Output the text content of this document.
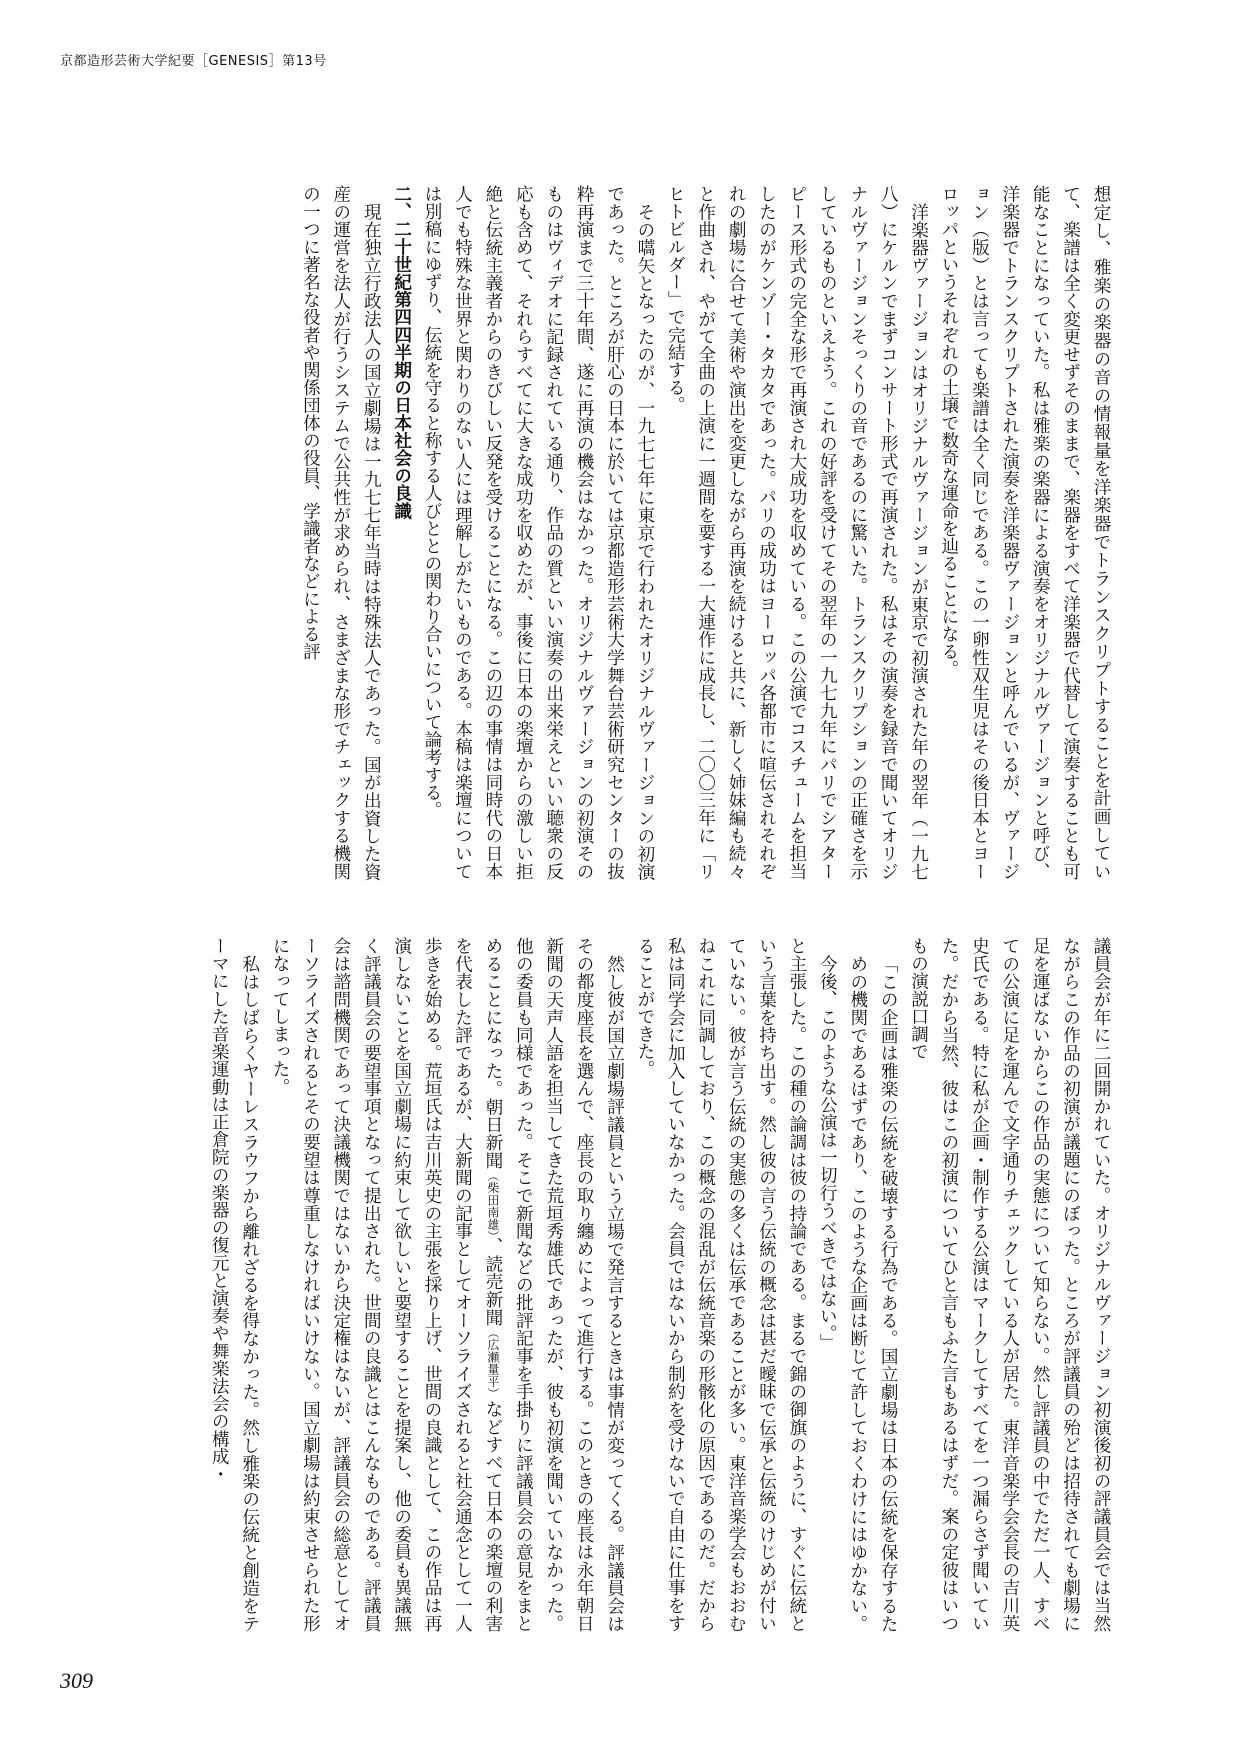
京都造形芸術大学紀要［GENESIS］第13号

想定し、雅楽の楽器の音の情報量を洋楽器でトランスクリプトすることを計画していて、楽譜は全く変更せずそのままで、楽器をすべて洋楽器で代替して演奏することも可能なことになっていた。私は雅楽の楽器による演奏をオリジナルヴァージョンと呼び、洋楽器でトランスクリプトされた演奏を洋楽器ヴァージョンと呼んでいるが、ヴァージョン（版）とは言っても楽譜は全く同じである。この一卵性双生児はその後日本とヨーロッパというそれぞれの土壌で数奇な運命を辿ることになる。

洋楽器ヴァージョンはオリジナルヴァージョンが東京で初演された年の翌年（一九七八）にケルンでまずコンサート形式で再演された。私はその演奏を録音で聞いてオリジナルヴァージョンそっくりの音であるのに驚いた。トランスクリプションの正確さを示しているものといえよう。これの好評を受けてその翌年の一九七九年にパリでシアターピース形式の完全な形で再演され大成功を収めている。この公演でコスチュームを担当したのがケンゾー・タカタであった。パリの成功はヨーロッパ各都市に喧伝されそれぞれの劇場に合せて美術や演出を変更しながら再演を続けると共に、新しく姉妹編も続々と作曲され、やがて全曲の上演に一週間を要する一大連作に成長し、二〇〇三年に「リヒトビルダー」で完結する。

その嚆矢となったのが、一九七七年に東京で行われたオリジナルヴァージョンの初演であった。ところが肝心の日本に於いては京都造形芸術大学舞台芸術研究センターの抜粋再演まで三十年間、遂に再演の機会はなかった。オリジナルヴァージョンの初演そのものはヴィデオに記録されている通り、作品の質といい演奏の出来栄えといい聴衆の反応も含めて、それらすべてに大きな成功を収めたが、事後に日本の楽壇からの激しい拒絶と伝統主義者からのきびしい反発を受けることになる。この辺の事情は同時代の日本人でも特殊な世界と関わりのない人には理解しがたいものである。本稿は楽壇については別稿にゆずり、伝統を守ると称する人びととの関わり合いについて論考する。

二、二十世紀第四四半期の日本社会の良識

現在独立行政法人の国立劇場は一九七七年当時は特殊法人であった。国が出資した資産の運営を法人が行うシステムで公共性が求められ、さまざまな形でチェックする機関の一つに著名な役者や関係団体の役員、学識者などによる評

議員会が年に二回開かれていた。オリジナルヴァージョン初演後初の評議員会では当然ながらこの作品の初演が議題にのぼった。ところが評議員の殆どは招待されても劇場に足を運ばないからこの作品の実態について知らない。然し評議員の中でただ一人、すべての公演に足を運んで文字通りチェックしている人が居た。東洋音楽学会会長の吉川英史氏である。特に私が企画・制作する公演はマークしてすべてを一つ漏らさず聞いていた。だから当然、彼はこの初演についてひと言もふた言もあるはずだ。案の定彼はいつもの演説口調で

「この企画は雅楽の伝統を破壊する行為である。国立劇場は日本の伝統を保存するための機関であるはずであり、このような企画は断じて許しておくわけにはゆかない。今後、このような公演は一切行うべきではない。」

と主張した。この種の論調は彼の持論である。まるで錦の御旗のように、すぐに伝統という言葉を持ち出す。然し彼の言う伝統の概念は甚だ曖昧で伝承と伝統のけじめが付いていない。彼が言う伝統の実態の多くは伝承であることが多い。東洋音楽学会もおおむねこれに同調しており、この概念の混乱が伝統音楽の形骸化の原因であるのだ。だから私は同学会に加入していなかった。会員ではないから制約を受けないで自由に仕事をすることができた。

然し彼が国立劇場評議員という立場で発言するときは事情が変ってくる。評議員会はその都度座長を選んで、座長の取り纏めによって進行する。このときの座長は永年朝日新聞の天声人語を担当してきた荒垣秀雄氏であったが、彼も初演を聞いていなかった。他の委員も同様であった。そこで新聞などの批評記事を手掛りに評議員会の意見をまとめることになった。朝日新聞（柴田南雄）、読売新聞（広瀬量平）などすべて日本の楽壇の利害を代表した評であるが、大新聞の記事としてオーソライズされると社会通念として一人歩きを始める。荒垣氏は吉川英史の主張を採り上げ、世間の良識として、この作品は再演しないことを国立劇場に約束して欲しいと要望することを提案し、他の委員も異議無く評議員会の要望事項となって提出された。世間の良識とはこんなものである。評議員会は諮問機関であって決議機関ではないから決定権はないが、評議員会の総意としてオーソライズされるとその要望は尊重しなければいけない。国立劇場は約束させられた形になってしまった。

私はしばらくヤーレスラウフから離れざるを得なかった。然し雅楽の伝統と創造をテーマにした音楽運動は正倉院の楽器の復元と演奏や舞楽法会の構成・

309
